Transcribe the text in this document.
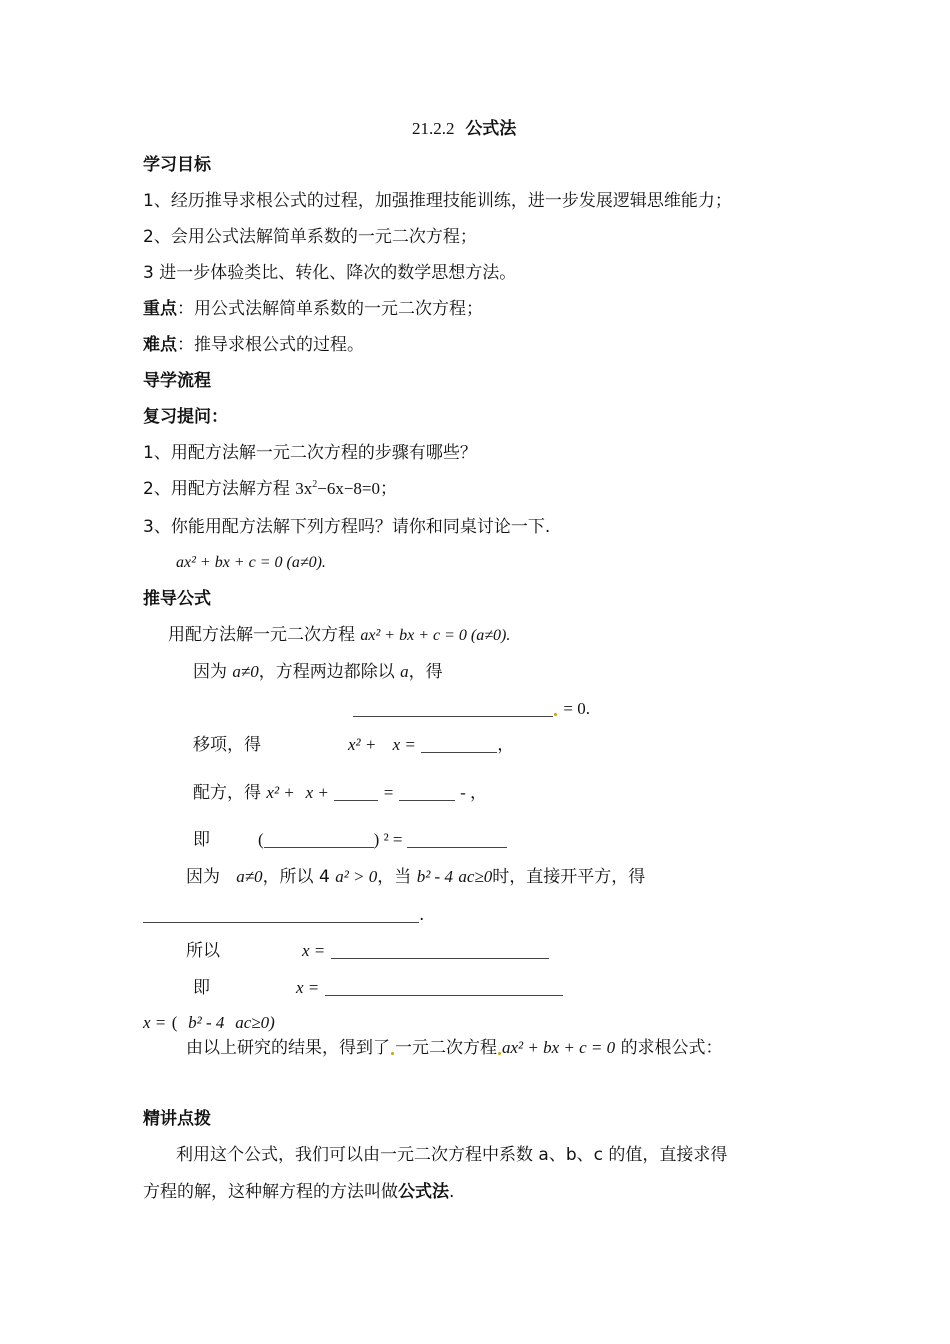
21.2.2 公式法
学习目标
1、经历推导求根公式的过程，加强推理技能训练，进一步发展逻辑思维能力；
2、会用公式法解简单系数的一元二次方程；
3 进一步体验类比、转化、降次的数学思想方法。
重点：用公式法解简单系数的一元二次方程；
难点：推导求根公式的过程。
导学流程
复习提问：
1、用配方法解一元二次方程的步骤有哪些？
2、用配方法解方程 $3x^2-6x-8=0$；
3、你能用配方法解下列方程吗？请你和同桌讨论一下.
ax² + bx + c = 0 (a≠0).
推导公式
用配方法解一元二次方程 ax² + bx + c = 0 (a≠0).
因为 a≠0，方程两边都除以 a，得
= 0.
移项，得	x² + x =	，
配方，得 x² + x +	=	- ，
即	(	) ² =
因为 a≠0，所以 4 a² > 0，当 b² - 4 ac≥0时，直接开平方，得
.
所以	x =
即	x =
x = ( b² - 4 ac≥0)
由以上研究的结果，得到了 一元二次方程 ax² + bx + c = 0 的求根公式：
精讲点拨
利用这个公式，我们可以由一元二次方程中系数 a、b、c 的值，直接求得
方程的解，这种解方程的方法叫做公式法.
